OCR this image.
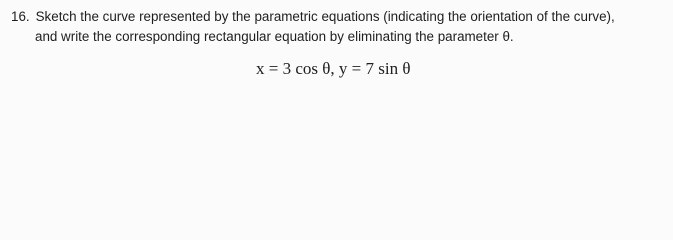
16. Sketch the curve represented by the parametric equations (indicating the orientation of the curve),
and write the corresponding rectangular equation by eliminating the parameter θ.
x = 3 cos θ, y = 7 sin θ
